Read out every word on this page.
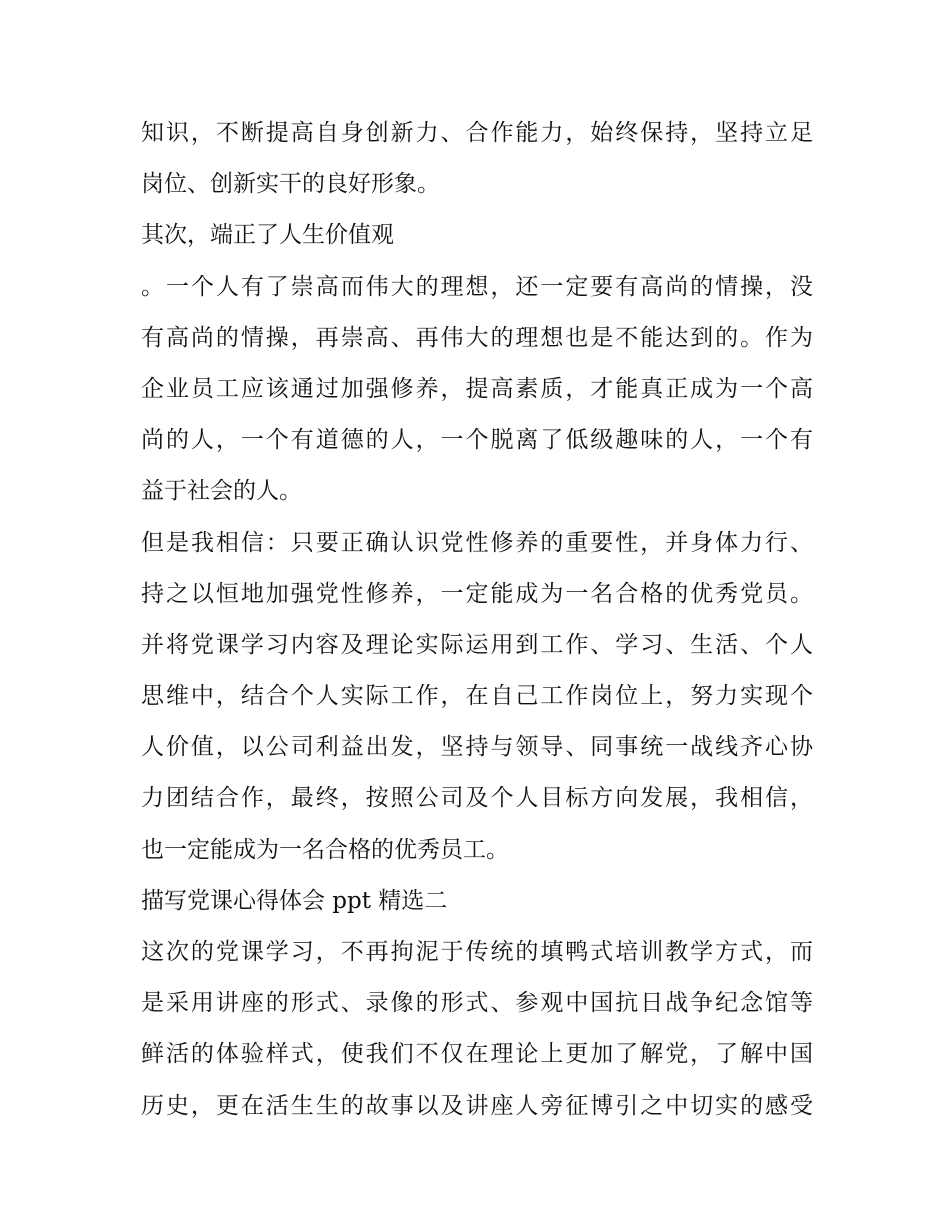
知识，不断提高自身创新力、合作能力，始终保持，坚持立足
岗位、创新实干的良好形象。
其次，端正了人生价值观
。一个人有了崇高而伟大的理想，还一定要有高尚的情操，没
有高尚的情操，再崇高、再伟大的理想也是不能达到的。作为
企业员工应该通过加强修养，提高素质，才能真正成为一个高
尚的人，一个有道德的人，一个脱离了低级趣味的人，一个有
益于社会的人。
但是我相信：只要正确认识党性修养的重要性，并身体力行、
持之以恒地加强党性修养，一定能成为一名合格的优秀党员。
并将党课学习内容及理论实际运用到工作、学习、生活、个人
思维中，结合个人实际工作，在自己工作岗位上，努力实现个
人价值，以公司利益出发，坚持与领导、同事统一战线齐心协
力团结合作，最终，按照公司及个人目标方向发展，我相信，
也一定能成为一名合格的优秀员工。
描写党课心得体会 ppt 精选二
这次的党课学习，不再拘泥于传统的填鸭式培训教学方式，而
是采用讲座的形式、录像的形式、参观中国抗日战争纪念馆等
鲜活的体验样式，使我们不仅在理论上更加了解党，了解中国
历史，更在活生生的故事以及讲座人旁征博引之中切实的感受
